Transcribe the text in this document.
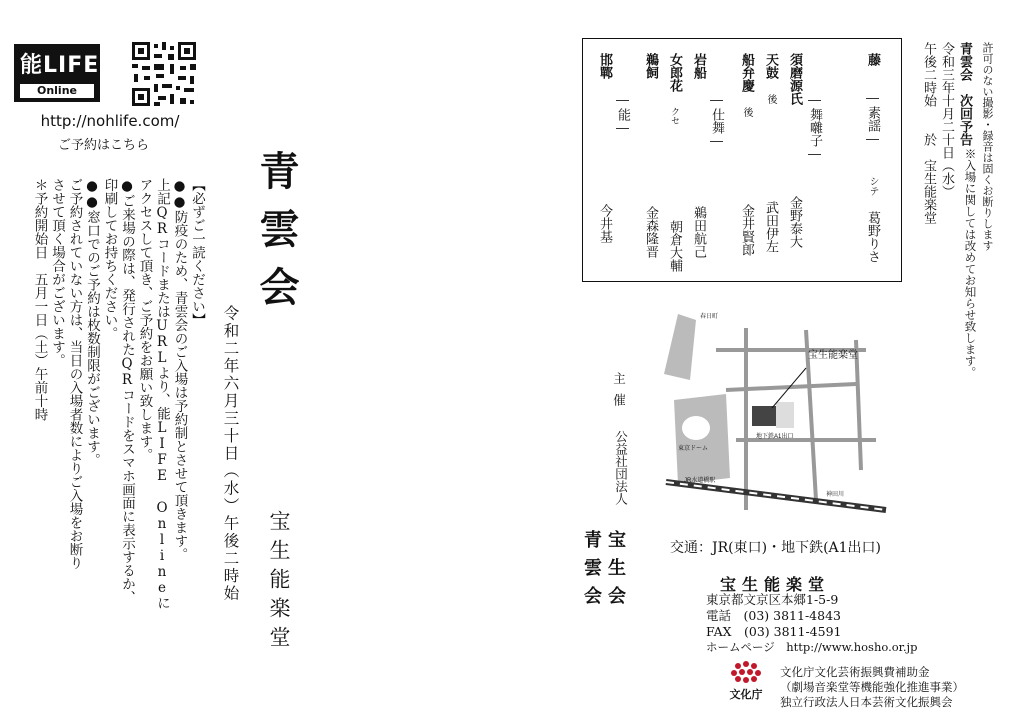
能LIFE
Online
http://nohlife.com/
ご予約はこちら

【必ずご一読ください】

●●防疫のため、青雲会のご入場は予約制とさせて頂きます。

上記QRコードまたはURLより、能LIFE Onlineに

アクセスして頂き、ご予約をお願い致します。

●ご来場の際は、発行されたQRコードをスマホ画面に表示するか、

印刷してお持ちください。

●●窓口でのご予約は枚数制限がございます。

ご予約されていない方は、当日の入場者数によりご入場をお断り

させて頂く場合がございます。

＊予約開始日　五月一日（土）午前十時	青雲会
令和二年六月三十日（水）午後二時始 宝生能楽堂
藤 ―素謡― シテ 葛野りさ
―舞囃子―
須磨源氏 金野泰大
天鼓 後 武田伊左
船弁慶 後 金井賢郎
―仕舞―
岩船 鵜田航己
女郎花 クセ 朝倉大輔
鵜飼 金森隆晋
―能―
邯鄲 今井基
青雲会　次回予告
令和三年十月二十日（水）
午後二時始　　於　宝生能楽堂	許可のない撮影・録音は固くお断りします
※入場に関しては改めてお知らせ致します。
宝生能楽堂
東京ドーム
地下鉄A1出口
JR水道橋駅
春日町
神田川
主催
公益社団法人
宝生会
青雲会	交通：JR(東口)・地下鉄(A1出口)
宝生能楽堂
東京都文京区本郷1-5-9
電話　(03) 3811-4843
FAX　(03) 3811-4591
ホームページ　http://www.hosho.or.jp
文化庁
文化庁文化芸術振興費補助金
（劇場音楽堂等機能強化推進事業）
独立行政法人日本芸術文化振興会
